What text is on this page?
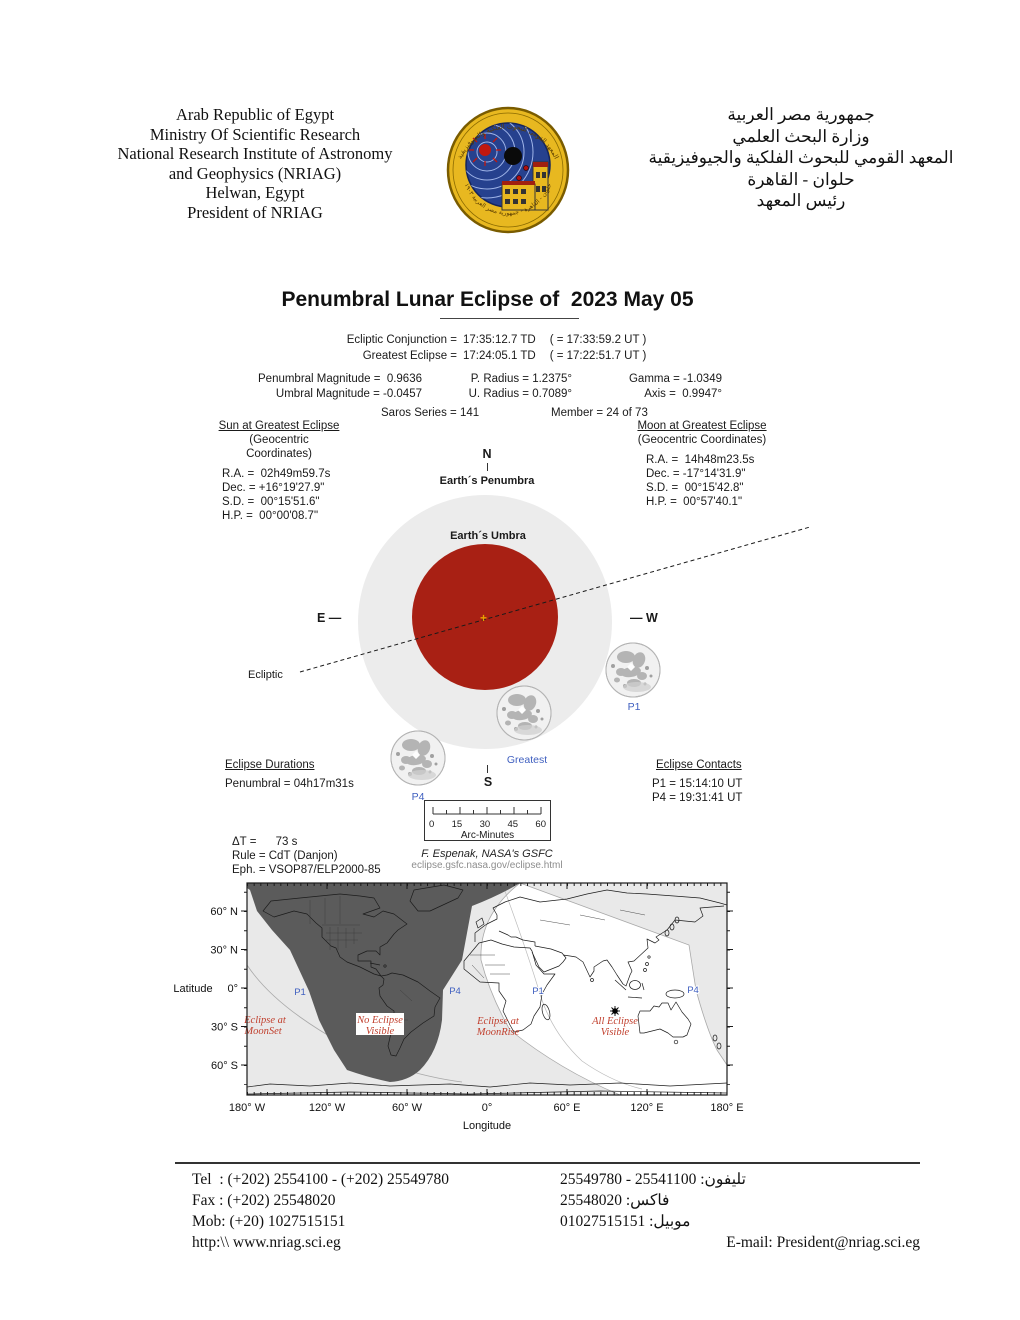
Arab Republic of Egypt
Ministry Of Scientific Research
National Research Institute of Astronomy
and Geophysics (NRIAG)
Helwan, Egypt
President of NRIAG
المعهد القومى للبحوث الفلكية والجيوفيزيقية
حلوان - القاهرة - جمهورية مصر العربية ١٩٠٣
جمهورية مصر العربية
وزارة البحث العلمي
المعهد القومي للبحوث الفلكية والجيوفيزيقية
حلوان - القاهرة
رئيس المعهد
Penumbral Lunar Eclipse of  2023 May 05
Ecliptic Conjunction = 17:35:12.7 TD ( = 17:33:59.2 UT )
Greatest Eclipse = 17:24:05.1 TD ( = 17:22:51.7 UT )
Penumbral Magnitude =  0.9636	P. Radius = 1.2375°	Gamma = -1.0349
Umbral Magnitude = -0.0457	U. Radius = 0.7089°	Axis =  0.9947°
Saros Series = 141	Member = 24 of 73
Sun at Greatest Eclipse
(Geocentric Coordinates)
R.A. =  02h49m59.7s
Dec. = +16°19'27.9"
S.D. =  00°15'51.6"
H.P. =  00°00'08.7"
Moon at Greatest Eclipse
(Geocentric Coordinates)
R.A. =  14h48m23.5s
Dec. = -17°14'31.9"
S.D. =  00°15'42.8"
H.P. =  00°57'40.1"
N
Earth´s Penumbra
Earth´s Umbra
+
E —	— W
Ecliptic
P1
Greatest
P4
S
Eclipse Durations
Penumbral = 04h17m31s
Eclipse Contacts
P1 = 15:14:10 UT
P4 = 19:31:41 UT
0 15 30 45 60
Arc-Minutes
ΔT =      73 s
Rule = CdT (Danjon)
Eph. = VSOP87/ELP2000-85
F. Espenak, NASA's GSFC
eclipse.gsfc.nasa.gov/eclipse.html
Eclipse at
MoonSet
No Eclipse
Visible
Eclipse at
MoonRise
All Eclipse
Visible
P1	P4	P1	P4
60° N
30° N
0°
30° S
60° S
Latitude
180° W	120° W	60° W	0°	60° E	120° E	180° E
Longitude
Tel  : (+202) 2554100 - (+202) 25549780
Fax : (+202) 25548020
Mob: (+20) 1027515151
http:\\ www.nriag.sci.eg
تليفون: 25549780 - 25541100
فاكس: 25548020
موبيل: 01027515151
E-mail: President@nriag.sci.eg
